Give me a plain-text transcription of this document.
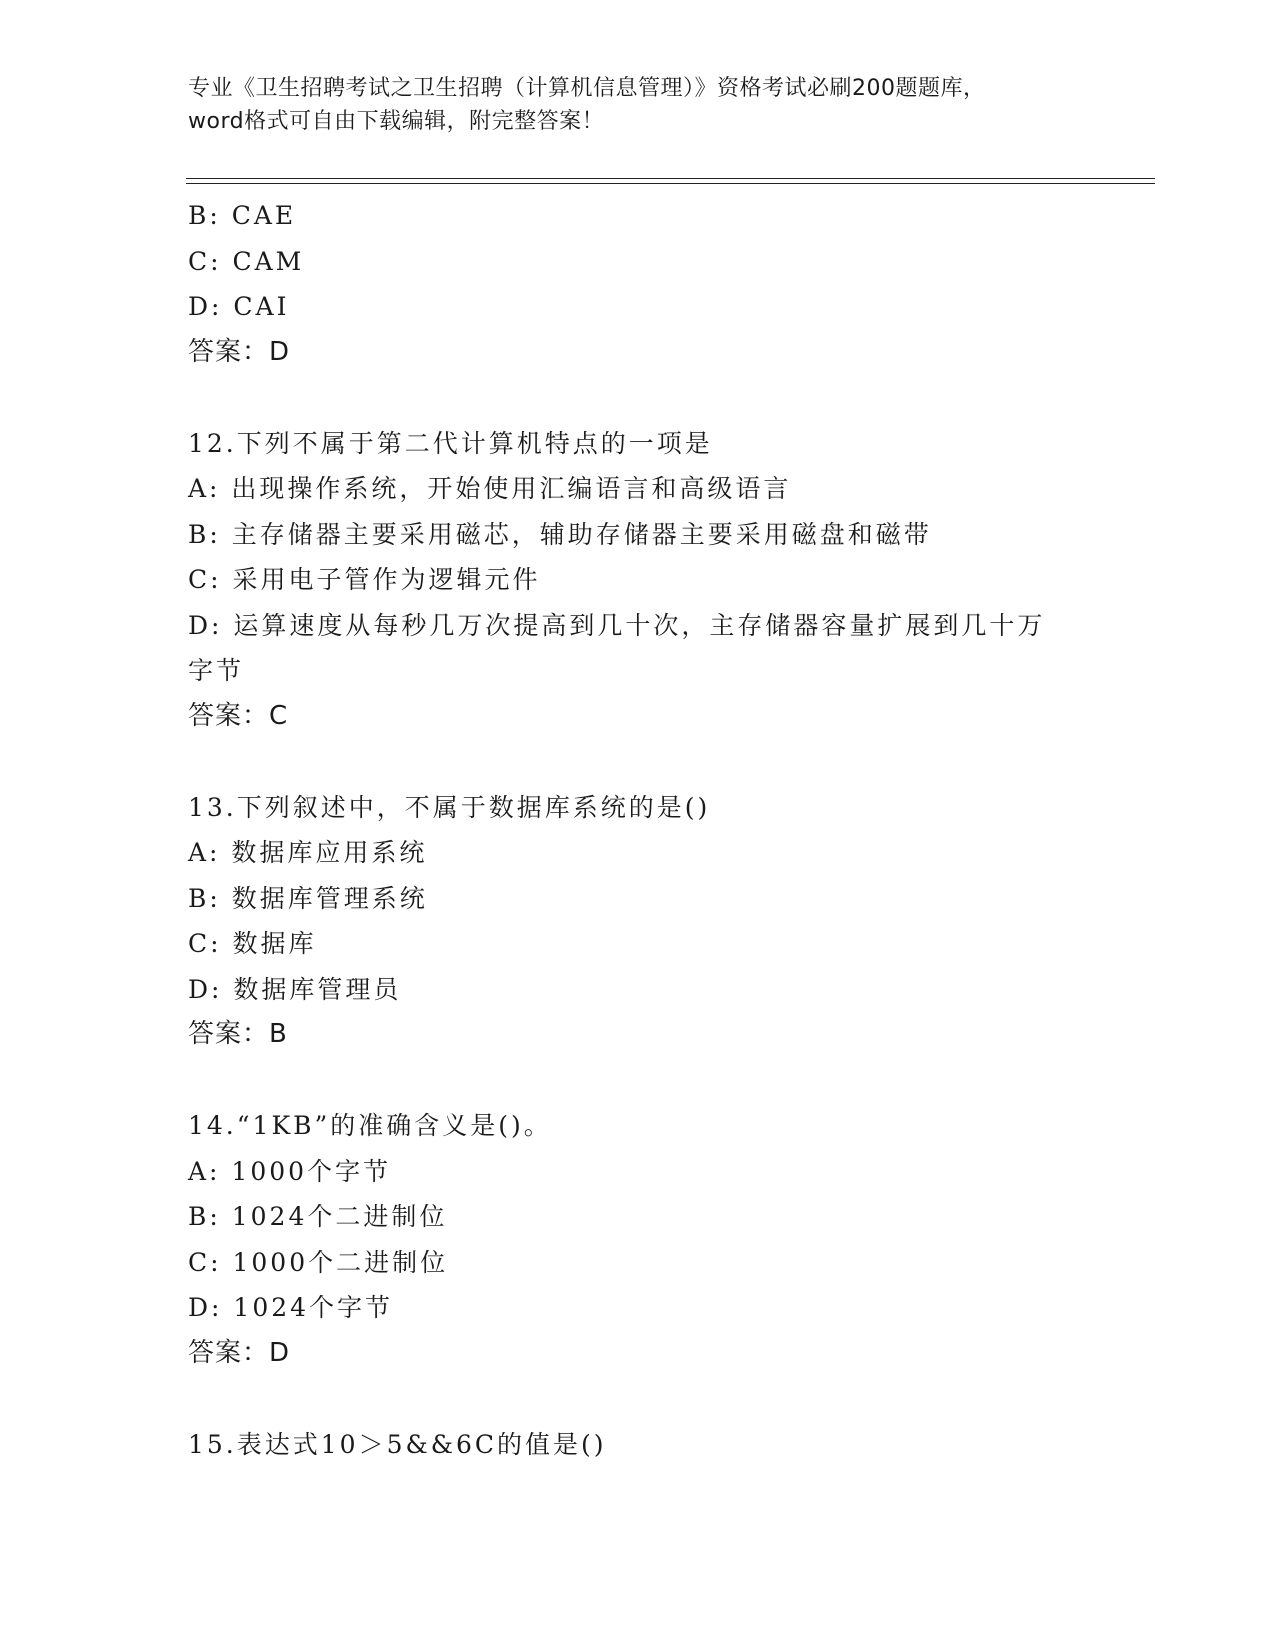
专业《卫生招聘考试之卫生招聘（计算机信息管理）》资格考试必刷200题题库，
word格式可自由下载编辑，附完整答案！
B: CAE
C: CAM
D: CAI
答案：D
12.下列不属于第二代计算机特点的一项是
A: 出现操作系统，开始使用汇编语言和高级语言
B: 主存储器主要采用磁芯，辅助存储器主要采用磁盘和磁带
C: 采用电子管作为逻辑元件
D: 运算速度从每秒几万次提高到几十次，主存储器容量扩展到几十万
字节
答案：C
13.下列叙述中，不属于数据库系统的是()
A: 数据库应用系统
B: 数据库管理系统
C: 数据库
D: 数据库管理员
答案：B
14.“1KB”的准确含义是()。
A: 1000个字节
B: 1024个二进制位
C: 1000个二进制位
D: 1024个字节
答案：D
15.表达式10＞5&&6C的值是()
